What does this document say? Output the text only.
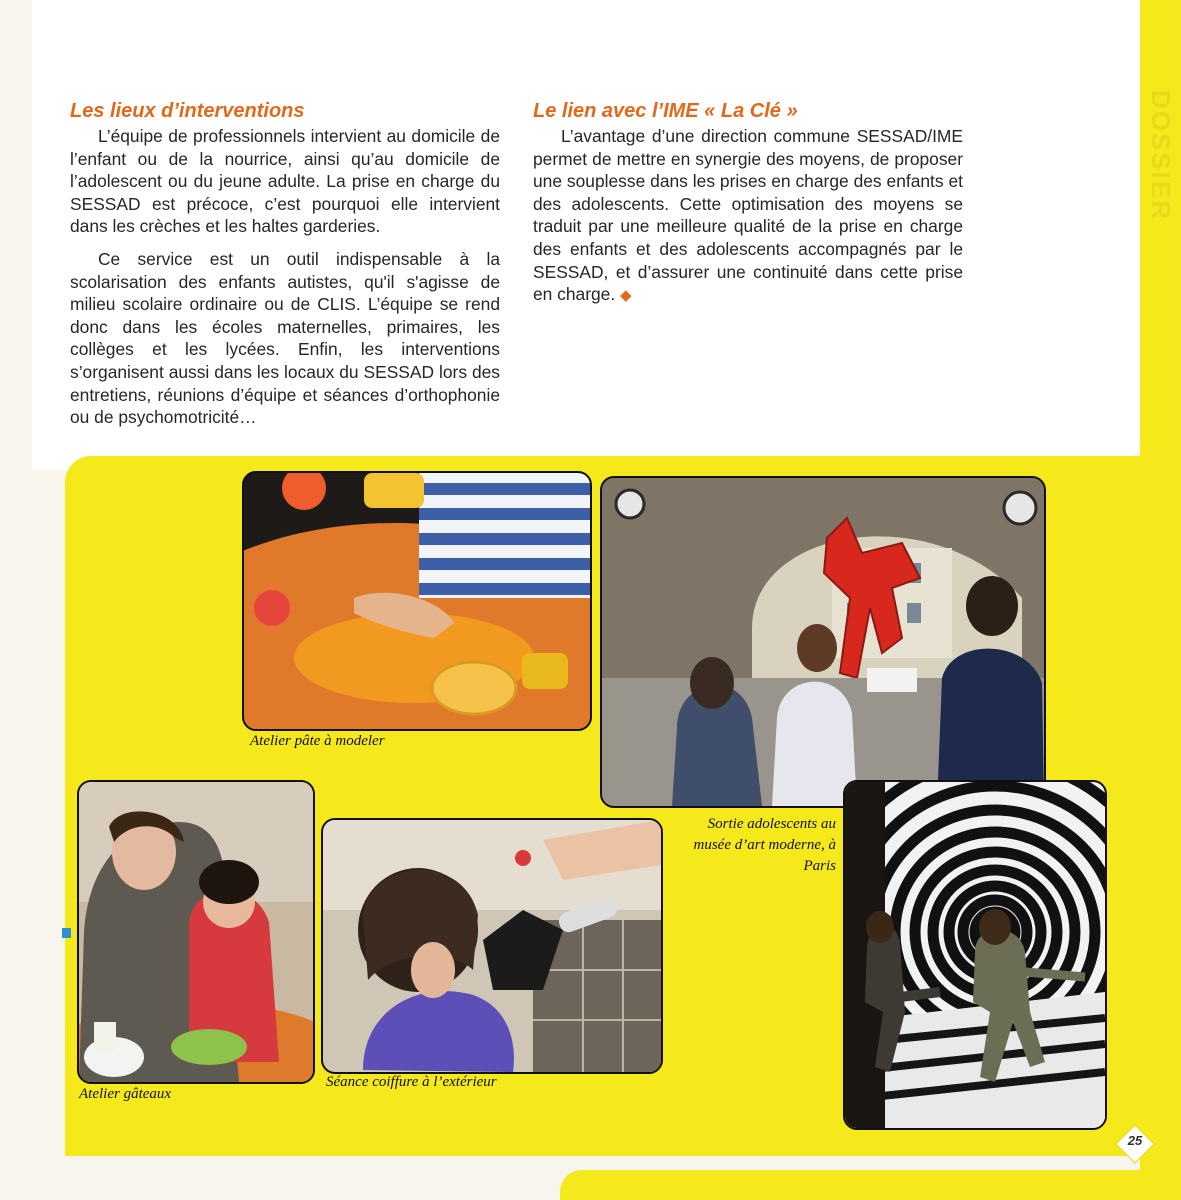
DOSSIER
Les lieux d’interventions

L’équipe de professionnels intervient au domicile de l’enfant ou de la nourrice, ainsi qu’au domicile de l’adolescent ou du jeune adulte. La prise en charge du SESSAD est précoce, c’est pourquoi elle intervient dans les crèches et les haltes garderies.

Ce service est un outil indispensable à la scolarisation des enfants autistes, qu'il s'agisse de milieu scolaire ordinaire ou de CLIS. L’équipe se rend donc dans les écoles maternelles, primaires, les collèges et les lycées. Enfin, les interventions s’organisent aussi dans les locaux du SESSAD lors des entretiens, réunions d’équipe et séances d’orthophonie ou de psychomotricité…

Le lien avec l’IME « La Clé »

L’avantage d’une direction commune SESSAD/IME permet de mettre en synergie des moyens, de proposer une souplesse dans les prises en charge des enfants et des adolescents. Cette optimisation des moyens se traduit par une meilleure qualité de la prise en charge des enfants et des adolescents accompagnés par le SESSAD, et d’assurer une continuité dans cette prise en charge. ◆

Atelier pâte à modeler
Sortie adolescents au musée d’art moderne, à Paris
Atelier gâteaux
Séance coiffure à l’extérieur
25
